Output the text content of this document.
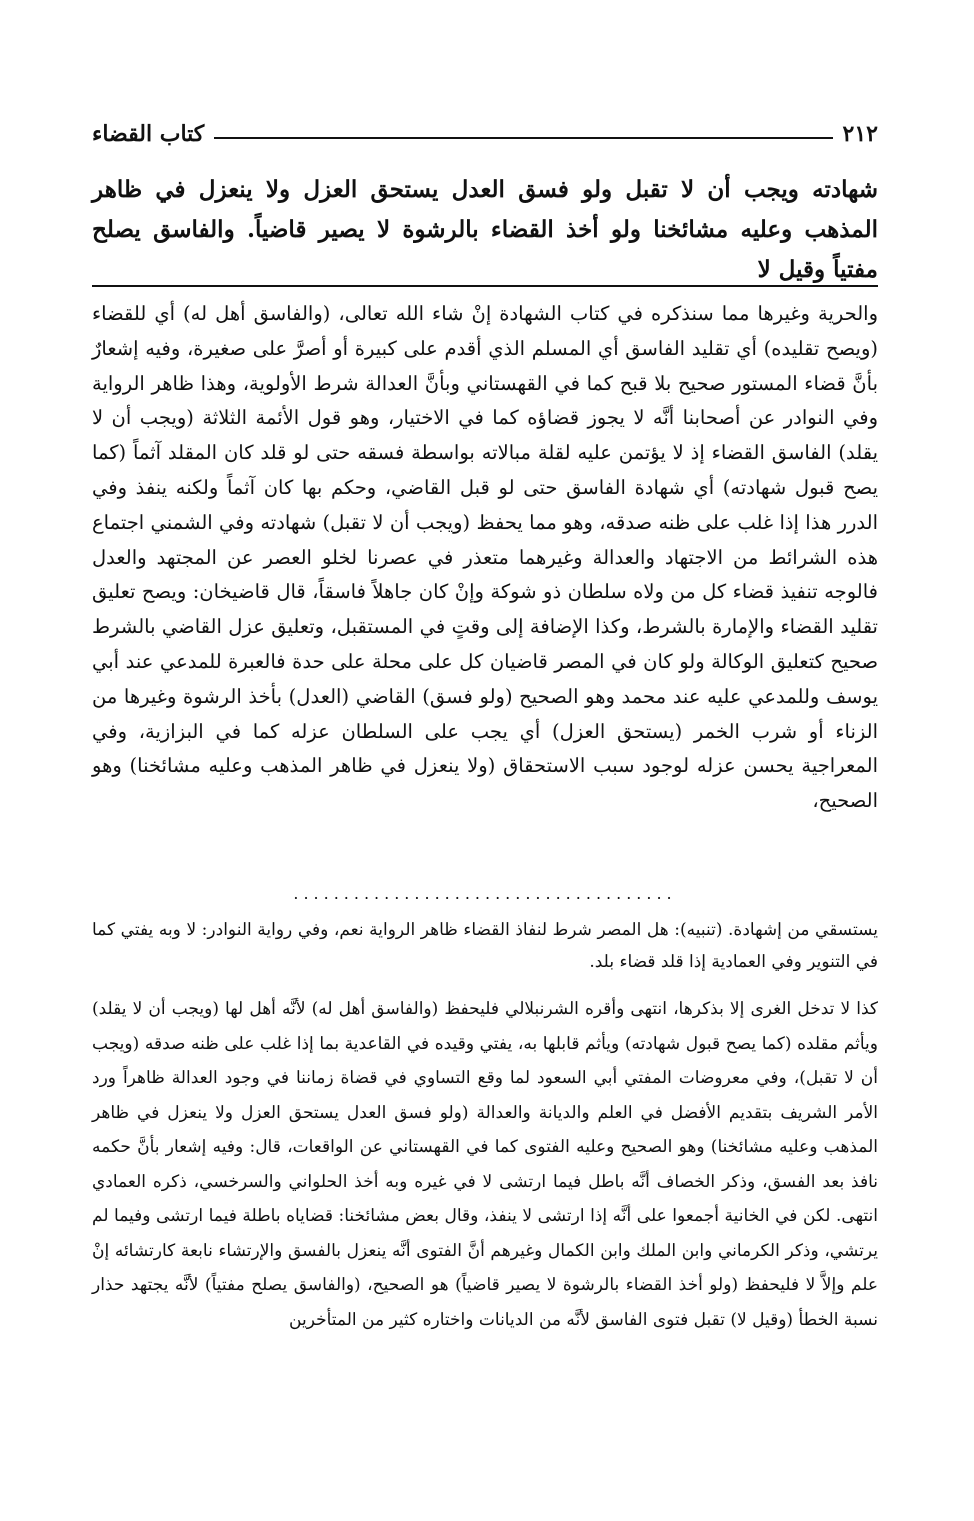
٢١٢
كتاب القضاء

شهادته ويجب أن لا تقبل ولو فسق العدل يستحق العزل ولا ينعزل في ظاهر المذهب وعليه مشائخنا ولو أخذ القضاء بالرشوة لا يصير قاضياً. والفاسق يصلح مفتياً وقيل لا

والحرية وغيرها مما سنذكره في كتاب الشهادة إنْ شاء الله تعالى، (والفاسق أهل له) أي للقضاء (ويصح تقليده) أي تقليد الفاسق أي المسلم الذي أقدم على كبيرة أو أصرَّ على صغيرة، وفيه إشعارٌ بأنَّ قضاء المستور صحيح بلا قبح كما في القهستاني وبأنَّ العدالة شرط الأولوية، وهذا ظاهر الرواية وفي النوادر عن أصحابنا أنَّه لا يجوز قضاؤه كما في الاختيار، وهو قول الأئمة الثلاثة (ويجب أن لا يقلد) الفاسق القضاء إذ لا يؤتمن عليه لقلة مبالاته بواسطة فسقه حتى لو قلد كان المقلد آثماً (كما يصح قبول شهادته) أي شهادة الفاسق حتى لو قبل القاضي، وحكم بها كان آثماً ولكنه ينفذ وفي الدرر هذا إذا غلب على ظنه صدقه، وهو مما يحفظ (ويجب أن لا تقبل) شهادته وفي الشمني اجتماع هذه الشرائط من الاجتهاد والعدالة وغيرهما متعذر في عصرنا لخلو العصر عن المجتهد والعدل فالوجه تنفيذ قضاء كل من ولاه سلطان ذو شوكة وإنْ كان جاهلاً فاسقاً، قال قاضيخان: ويصح تعليق تقليد القضاء والإمارة بالشرط، وكذا الإضافة إلى وقتٍ في المستقبل، وتعليق عزل القاضي بالشرط صحيح كتعليق الوكالة ولو كان في المصر قاضيان كل على محلة على حدة فالعبرة للمدعي عند أبي يوسف وللمدعي عليه عند محمد وهو الصحيح (ولو فسق) القاضي (العدل) بأخذ الرشوة وغيرها من الزناء أو شرب الخمر (يستحق العزل) أي يجب على السلطان عزله كما في البزازية، وفي المعراجية يحسن عزله لوجود سبب الاستحقاق (ولا ينعزل في ظاهر المذهب وعليه مشائخنا) وهو الصحيح،

......................................

يستسقي من إشهادة. (تنبيه): هل المصر شرط لنفاذ القضاء ظاهر الرواية نعم، وفي رواية النوادر: لا وبه يفتي كما في التنوير وفي العمادية إذا قلد قضاء بلد.

كذا لا تدخل الغرى إلا بذكرها، انتهى وأقره الشرنبلالي فليحفظ (والفاسق أهل له) لأنَّه أهل لها (ويجب أن لا يقلد) ويأثم مقلده (كما يصح قبول شهادته) ويأثم قابلها به، يفتي وقيده في القاعدية بما إذا غلب على ظنه صدقه (ويجب أن لا تقبل)، وفي معروضات المفتي أبي السعود لما وقع التساوي في قضاة زماننا في وجود العدالة ظاهراً ورد الأمر الشريف بتقديم الأفضل في العلم والديانة والعدالة (ولو فسق العدل يستحق العزل ولا ينعزل في ظاهر المذهب وعليه مشائخنا) وهو الصحيح وعليه الفتوى كما في القهستاني عن الواقعات، قال: وفيه إشعار بأنَّ حكمه نافذ بعد الفسق، وذكر الخصاف أنَّه باطل فيما ارتشى لا في غيره وبه أخذ الحلواني والسرخسي، ذكره العمادي انتهى. لكن في الخانية أجمعوا على أنَّه إذا ارتشى لا ينفذ، وقال بعض مشائخنا: قضاياه باطلة فيما ارتشى وفيما لم يرتشي، وذكر الكرماني وابن الملك وابن الكمال وغيرهم أنَّ الفتوى أنَّه ينعزل بالفسق والإرتشاء نابعة كارتشائه إنْ علم وإلاَّ لا فليحفظ (ولو أخذ القضاء بالرشوة لا يصير قاضياً) هو الصحيح، (والفاسق يصلح مفتياً) لأنَّه يجتهد حذار نسبة الخطأ (وقيل لا) تقبل فتوى الفاسق لأنَّه من الديانات واختاره كثير من المتأخرين
